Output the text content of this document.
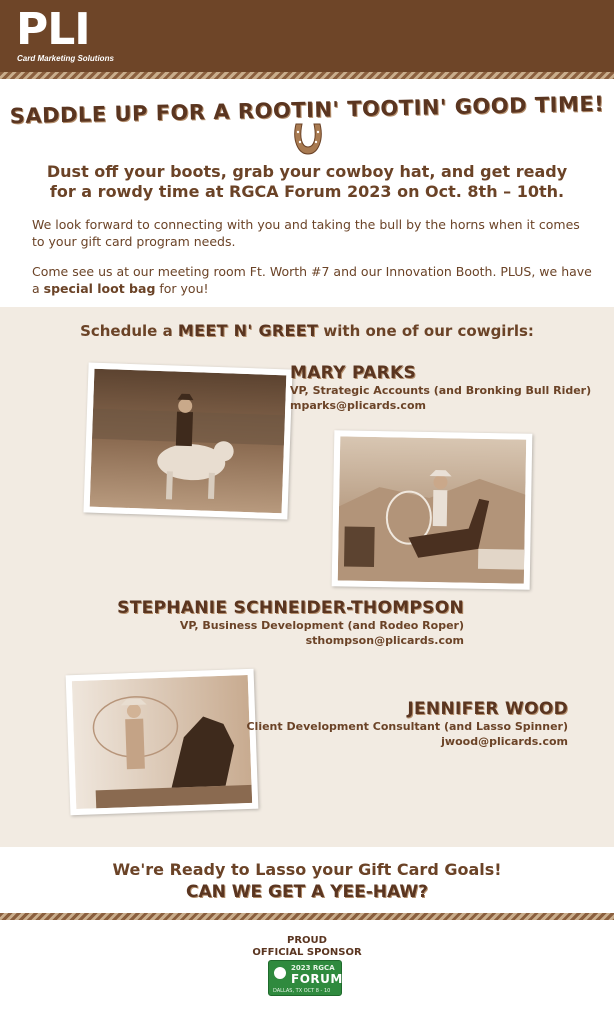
PLI
Card Marketing Solutions
SADDLE UP FOR A ROOTIN' TOOTIN' GOOD TIME!
Dust off your boots, grab your cowboy hat, and get ready for a rowdy time at RGCA Forum 2023 on Oct. 8th – 10th.
We look forward to connecting with you and taking the bull by the horns when it comes to your gift card program needs.
Come see us at our meeting room Ft. Worth #7 and our Innovation Booth. PLUS, we have a special loot bag for you!
Schedule a MEET N' GREET with one of our cowgirls:
MARY PARKS
VP, Strategic Accounts (and Bronking Bull Rider)
mparks@plicards.com
STEPHANIE SCHNEIDER-THOMPSON
VP, Business Development (and Rodeo Roper)
sthompson@plicards.com
JENNIFER WOOD
Client Development Consultant (and Lasso Spinner)
jwood@plicards.com
We're Ready to Lasso your Gift Card Goals!
CAN WE GET A YEE-HAW?
PROUD
OFFICIAL SPONSOR
2023 RGCA
FORUM
DALLAS, TX OCT 8 - 10
